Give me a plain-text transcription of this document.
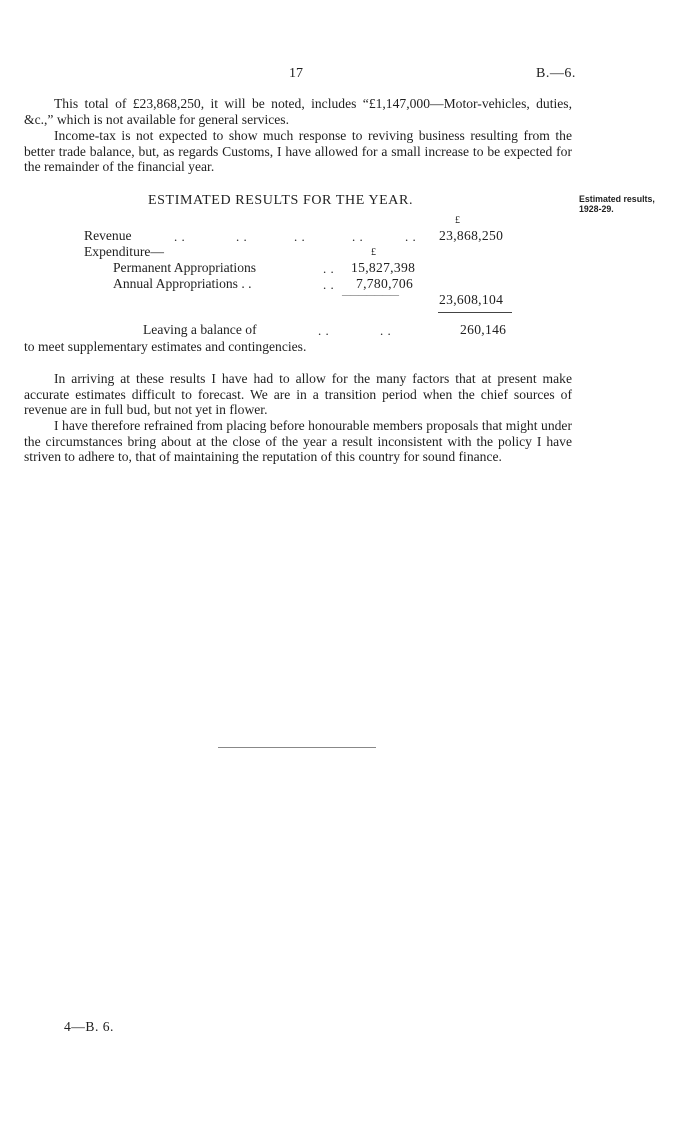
17	B.—6.
This total of £23,868,250, it will be noted, includes “£1,147,000—Motor-vehicles, duties, &c.,” which is not available for general services.
Income-tax is not expected to show much response to reviving business resulting from the better trade balance, but, as regards Customs, I have allowed for a small increase to be expected for the remainder of the financial year.
ESTIMATED RESULTS FOR THE YEAR.	Estimated results,
1928-29.
£
Revenue	. .	. .	. .	. .	. . 23,868,250
Expenditure—	£
Permanent Appropriations	. . 15,827,398
Annual Appropriations . .	. . 7,780,706
———————	23,608,104
Leaving a balance of	. .	. .	260,146
to meet supplementary estimates and contingencies.
In arriving at these results I have had to allow for the many factors that at present make accurate estimates difficult to forecast. We are in a transition period when the chief sources of revenue are in full bud, but not yet in flower.
I have therefore refrained from placing before honourable members proposals that might under the circumstances bring about at the close of the year a result inconsistent with the policy I have striven to adhere to, that of maintaining the reputation of this country for sound finance.
4—B. 6.
